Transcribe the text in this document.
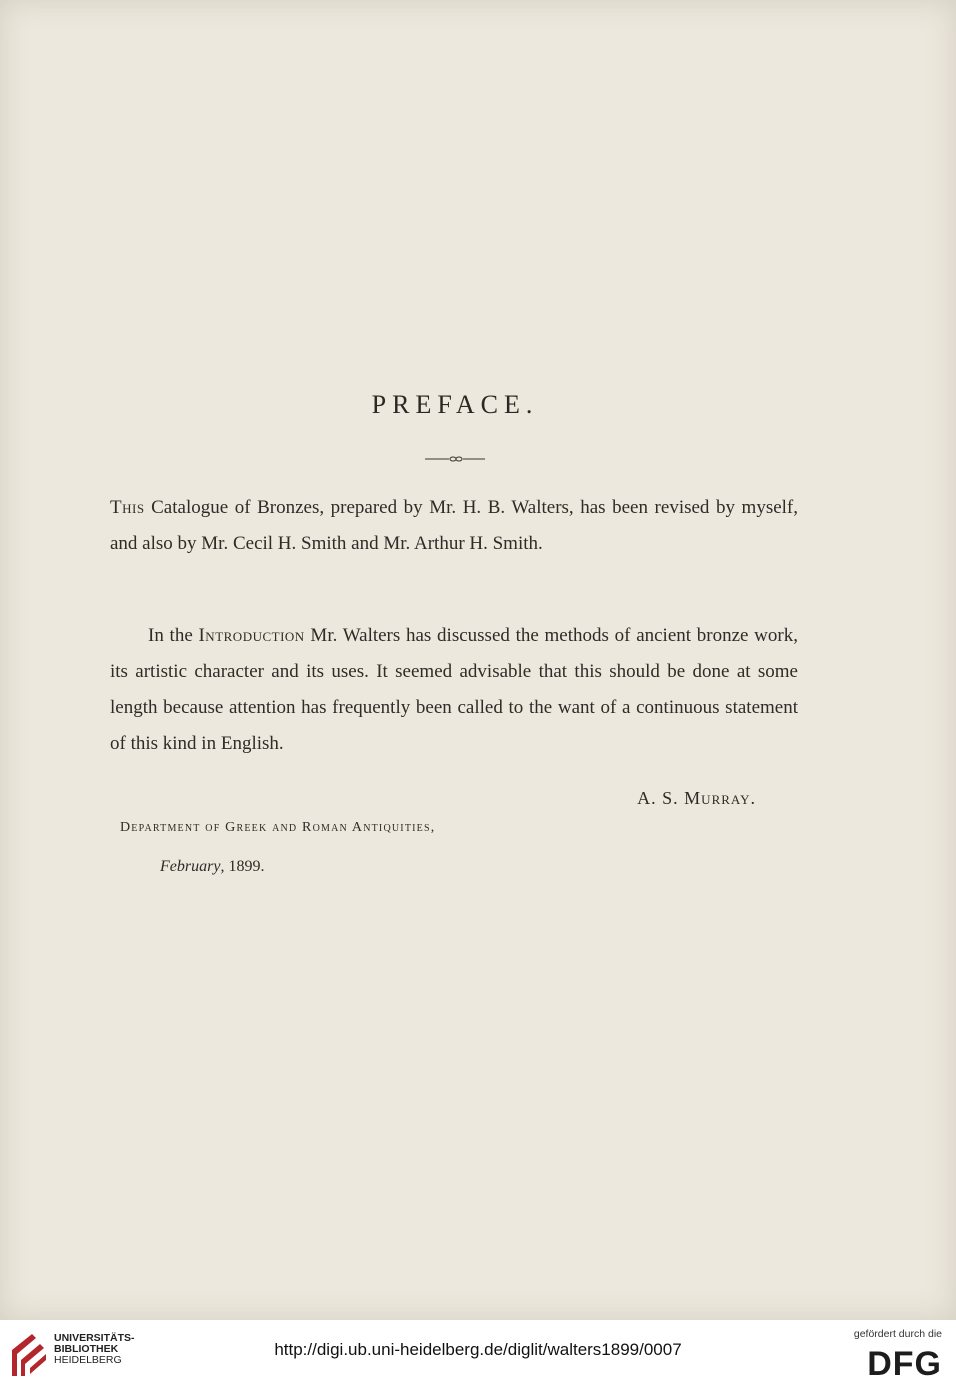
PREFACE.

This Catalogue of Bronzes, prepared by Mr. H. B. Walters, has been revised by myself, and also by Mr. Cecil H. Smith and Mr. Arthur H. Smith.

In the Introduction Mr. Walters has discussed the methods of ancient bronze work, its artistic character and its uses. It seemed advisable that this should be done at some length because attention has frequently been called to the want of a continuous statement of this kind in English.

A. S. Murray.
Department of Greek and Roman Antiquities,
February, 1899.
UNIVERSITÄTS-
BIBLIOTHEK
HEIDELBERG
http://digi.ub.uni-heidelberg.de/diglit/walters1899/0007
gefördert durch die
DFG
